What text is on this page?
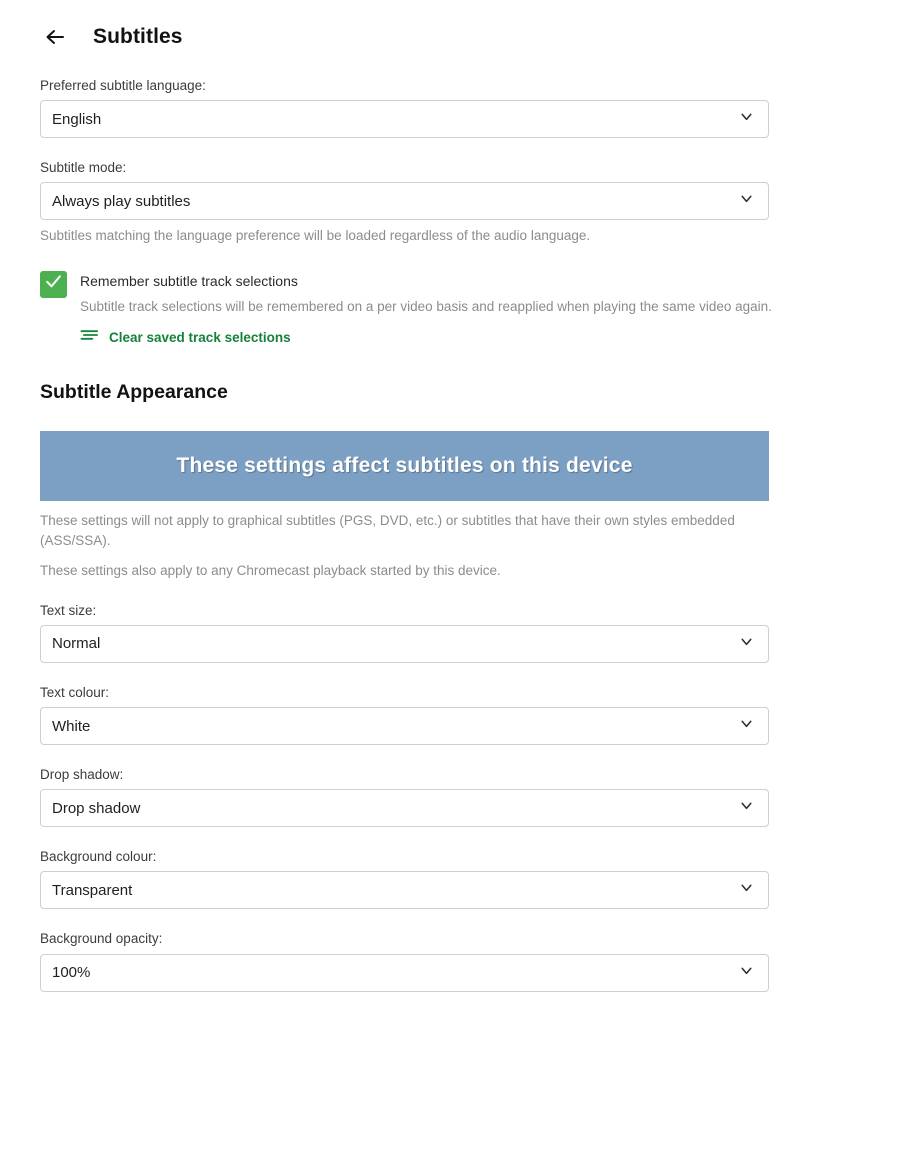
Subtitles
Preferred subtitle language:
English
Subtitle mode:
Always play subtitles
Subtitles matching the language preference will be loaded regardless of the audio language.
Remember subtitle track selections
Subtitle track selections will be remembered on a per video basis and reapplied when playing the same video again.
Clear saved track selections
Subtitle Appearance
These settings affect subtitles on this device
These settings will not apply to graphical subtitles (PGS, DVD, etc.) or subtitles that have their own styles embedded (ASS/SSA).
These settings also apply to any Chromecast playback started by this device.
Text size:
Normal
Text colour:
White
Drop shadow:
Drop shadow
Background colour:
Transparent
Background opacity:
100%
